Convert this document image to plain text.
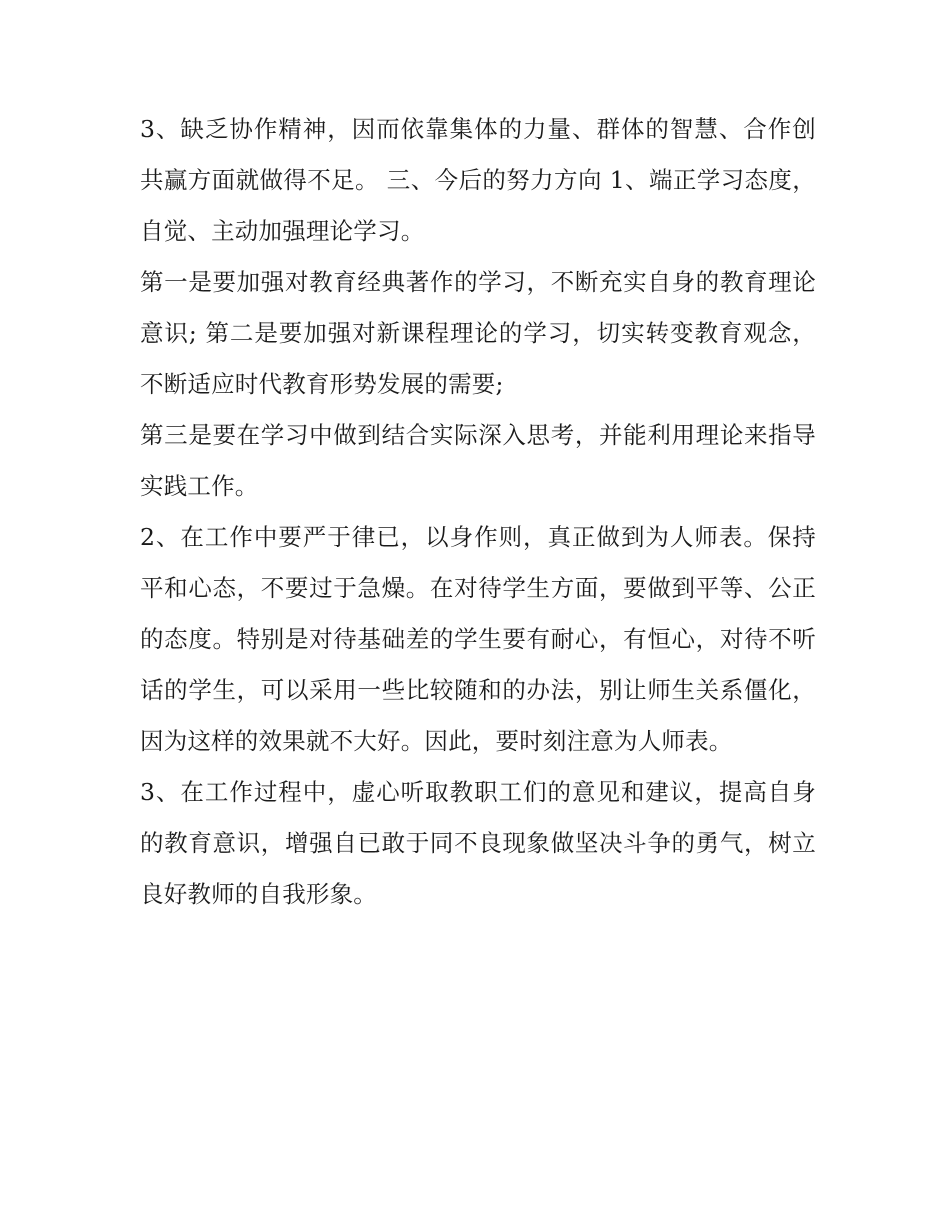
3、缺乏协作精神，因而依靠集体的力量、群体的智慧、合作创共赢方面就做得不足。 三、今后的努力方向 1、端正学习态度，自觉、主动加强理论学习。

第一是要加强对教育经典著作的学习，不断充实自身的教育理论意识; 第二是要加强对新课程理论的学习，切实转变教育观念，不断适应时代教育形势发展的需要;

第三是要在学习中做到结合实际深入思考，并能利用理论来指导实践工作。

2、在工作中要严于律已，以身作则，真正做到为人师表。保持平和心态，不要过于急燥。在对待学生方面，要做到平等、公正的态度。特别是对待基础差的学生要有耐心，有恒心，对待不听话的学生，可以采用一些比较随和的办法，别让师生关系僵化，因为这样的效果就不大好。因此，要时刻注意为人师表。

3、在工作过程中，虚心听取教职工们的意见和建议，提高自身的教育意识，增强自已敢于同不良现象做坚决斗争的勇气，树立良好教师的自我形象。
